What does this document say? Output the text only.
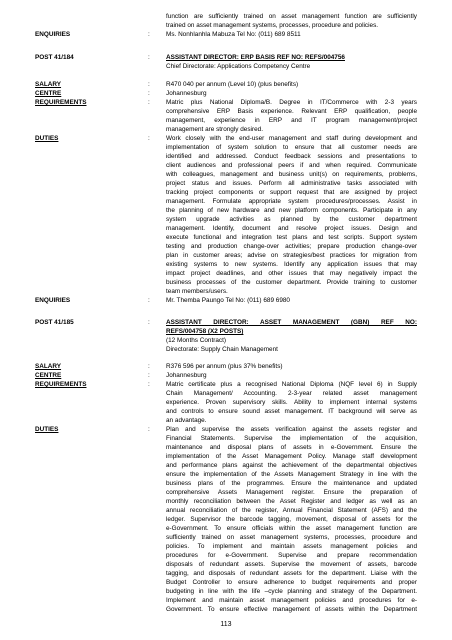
function are sufficiently trained on asset management function are sufficiently
trained on asset management systems, processes, procedure and policies.
ENQUIRIES	:	Ms. Nonhlanhla Mabuza Tel No: (011) 689 8511
POST 41/184	:	ASSISTANT DIRECTOR: ERP BASIS REF NO: REFS/004756
Chief Directorate: Applications Competency Centre
SALARY	:	R470 040 per annum (Level 10) (plus benefits)
CENTRE	:	Johannesburg
REQUIREMENTS	:	Matric plus National Diploma/B. Degree in IT/Commerce with 2-3 years
comprehensive ERP Basis experience. Relevant ERP qualification, people
management, experience in ERP and IT program management/project
management are strongly desired.
DUTIES	:	Work closely with the end-user management and staff during development and
implementation of system solution to ensure that all customer needs are
identified and addressed. Conduct feedback sessions and presentations to
client audiences and professional peers if and when required. Communicate
with colleagues, management and business unit(s) on requirements, problems,
project status and issues. Perform all administrative tasks associated with
tracking project components or support request that are assigned by project
management. Formulate appropriate system procedures/processes. Assist in
the planning of new hardware and new platform components. Participate in any
system upgrade activities as planned by the customer department
management. Identify, document and resolve project issues. Design and
execute functional and integration test plans and test scripts. Support system
testing and production change-over activities; prepare production change-over
plan in customer areas; advise on strategies/best practices for migration from
existing systems to new systems. Identify any application issues that may
impact project deadlines, and other issues that may negatively impact the
business processes of the customer department. Provide training to customer
team members/users.
ENQUIRIES	:	Mr. Themba Paungo Tel No: (011) 689 6980
POST 41/185	:	ASSISTANT DIRECTOR: ASSET MANAGEMENT (GBN) REF NO:
REFS/004758 (X2 POSTS)
(12 Months Contract)
Directorate: Supply Chain Management
SALARY	:	R376 596 per annum (plus 37% benefits)
CENTRE	:	Johannesburg
REQUIREMENTS	:	Matric certificate plus a recognised National Diploma (NQF level 6) in Supply
Chain Management/ Accounting. 2-3-year related asset management
experience. Proven supervisory skills. Ability to implement internal systems
and controls to ensure sound asset management. IT background will serve as
an advantage.
DUTIES	:	Plan and supervise the assets verification against the assets register and
Financial Statements. Supervise the implementation of the acquisition,
maintenance and disposal plans of assets in e-Government. Ensure the
implementation of the Asset Management Policy. Manage staff development
and performance plans against the achievement of the departmental objectives
ensure the implementation of the Assets Management Strategy in line with the
business plans of the programmes. Ensure the maintenance and updated
comprehensive Assets Management register. Ensure the preparation of
monthly reconciliation between the Asset Register and ledger as well as an
annual reconciliation of the register, Annual Financial Statement (AFS) and the
ledger. Supervisor the barcode tagging, movement, disposal of assets for the
e-Government. To ensure officials within the asset management function are
sufficiently trained on asset management systems, processes, procedure and
policies. To implement and maintain assets management policies and
procedures for e-Government. Supervise and prepare recommendation
disposals of redundant assets. Supervise the movement of assets, barcode
tagging, and disposals of redundant assets for the department. Liaise with the
Budget Controller to ensure adherence to budget requirements and proper
budgeting in line with the life –cycle planning and strategy of the Department.
Implement and maintain asset management policies and procedures for e-
Government. To ensure effective management of assets within the Department
113
